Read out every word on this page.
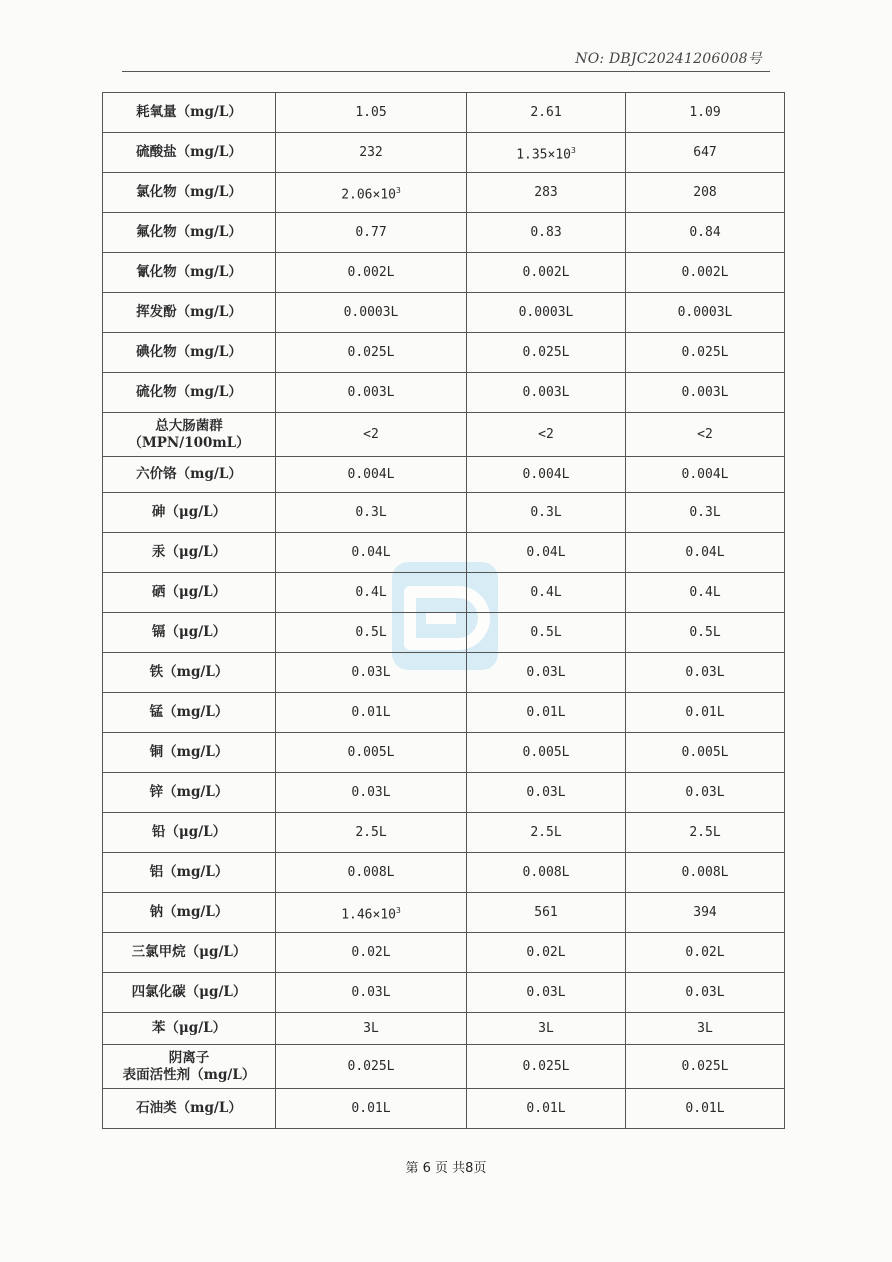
NO: DBJC20241206008号
耗氧量（mg/L）	1.05	2.61	1.09
硫酸盐（mg/L）	232	$1.35\times 10^3$	647
氯化物（mg/L）	$2.06\times 10^3$	283	208
氟化物（mg/L）	0.77	0.83	0.84
氰化物（mg/L）	0.002L	0.002L	0.002L
挥发酚（mg/L）	0.0003L	0.0003L	0.0003L
碘化物（mg/L）	0.025L	0.025L	0.025L
硫化物（mg/L）	0.003L	0.003L	0.003L
总大肠菌群
（MPN/100mL）	<2	<2	<2
六价铬（mg/L）	0.004L	0.004L	0.004L
砷（μg/L）	0.3L	0.3L	0.3L
汞（μg/L）	0.04L	0.04L	0.04L
硒（μg/L）	0.4L	0.4L	0.4L
镉（μg/L）	0.5L	0.5L	0.5L
铁（mg/L）	0.03L	0.03L	0.03L
锰（mg/L）	0.01L	0.01L	0.01L
铜（mg/L）	0.005L	0.005L	0.005L
锌（mg/L）	0.03L	0.03L	0.03L
铅（μg/L）	2.5L	2.5L	2.5L
铝（mg/L）	0.008L	0.008L	0.008L
钠（mg/L）	$1.46\times 10^3$	561	394
三氯甲烷（μg/L）	0.02L	0.02L	0.02L
四氯化碳（μg/L）	0.03L	0.03L	0.03L
苯（μg/L）	3L	3L	3L
阴离子
表面活性剂（mg/L）	0.025L	0.025L	0.025L
石油类（mg/L）	0.01L	0.01L	0.01L
第 6 页 共8页
